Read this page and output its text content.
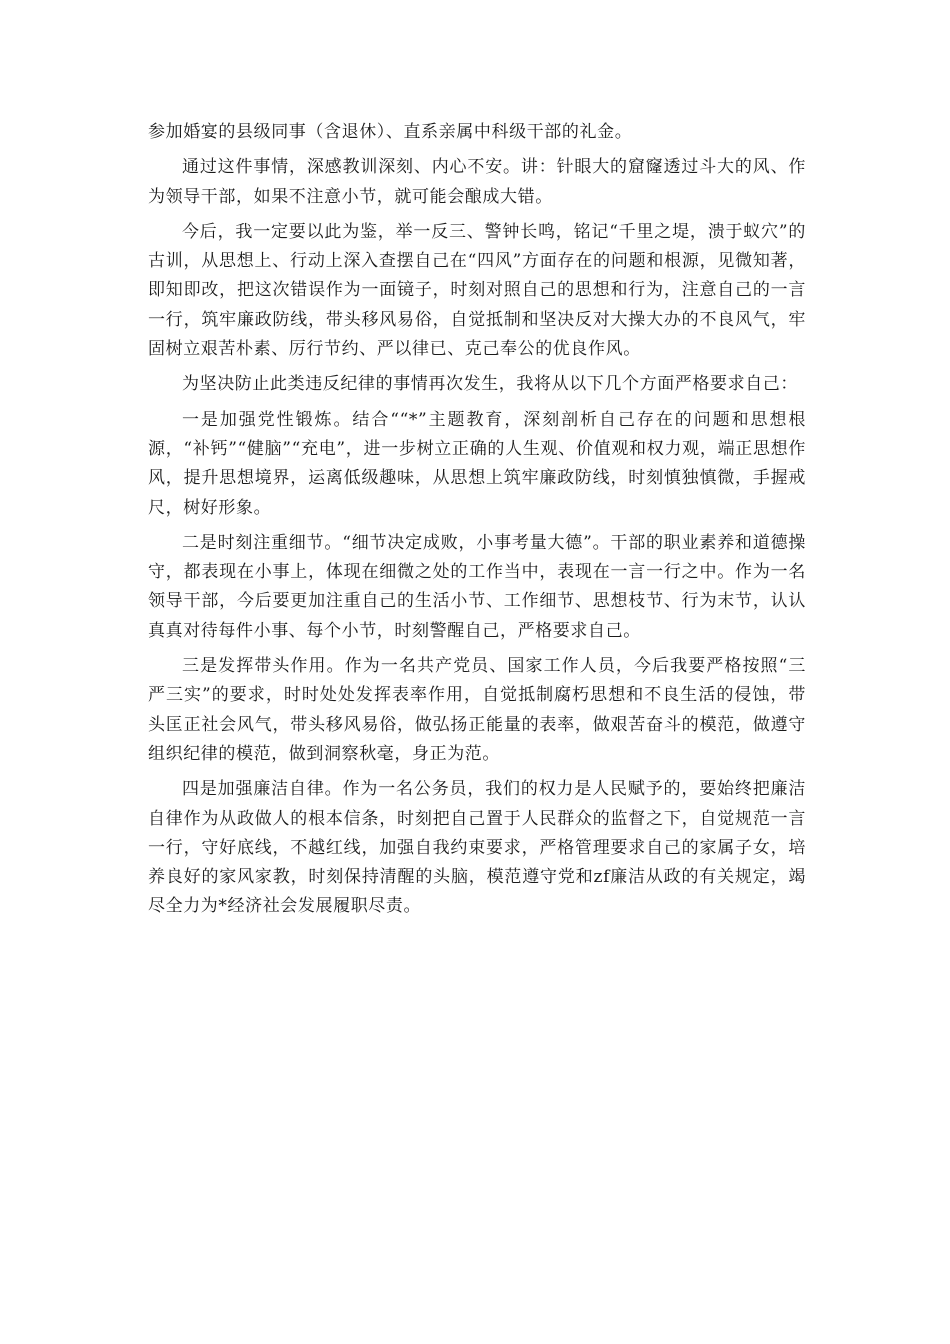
参加婚宴的县级同事（含退休）、直系亲属中科级干部的礼金。

通过这件事情，深感教训深刻、内心不安。讲：针眼大的窟窿透过斗大的风、作为领导干部，如果不注意小节，就可能会酿成大错。

今后，我一定要以此为鉴，举一反三、警钟长鸣，铭记“千里之堤，溃于蚁穴”的古训，从思想上、行动上深入查摆自己在“四风”方面存在的问题和根源，见微知著，即知即改，把这次错误作为一面镜子，时刻对照自己的思想和行为，注意自己的一言一行，筑牢廉政防线，带头移风易俗，自觉抵制和坚决反对大操大办的不良风气，牢固树立艰苦朴素、厉行节约、严以律已、克己奉公的优良作风。

为坚决防止此类违反纪律的事情再次发生，我将从以下几个方面严格要求自己：

一是加强党性锻炼。结合““*”主题教育，深刻剖析自己存在的问题和思想根源，“补钙”“健脑”“充电”，进一步树立正确的人生观、价值观和权力观，端正思想作风，提升思想境界，运离低级趣味，从思想上筑牢廉政防线，时刻慎独慎微，手握戒尺，树好形象。

二是时刻注重细节。“细节决定成败，小事考量大德”。干部的职业素养和道德操守，都表现在小事上，体现在细微之处的工作当中，表现在一言一行之中。作为一名领导干部，今后要更加注重自己的生活小节、工作细节、思想枝节、行为末节，认认真真对待每件小事、每个小节，时刻警醒自己，严格要求自己。

三是发挥带头作用。作为一名共产党员、国家工作人员，今后我要严格按照“三严三实”的要求，时时处处发挥表率作用，自觉抵制腐朽思想和不良生活的侵蚀，带头匡正社会风气，带头移风易俗，做弘扬正能量的表率，做艰苦奋斗的模范，做遵守组织纪律的模范，做到洞察秋毫，身正为范。

四是加强廉洁自律。作为一名公务员，我们的权力是人民赋予的，要始终把廉洁自律作为从政做人的根本信条，时刻把自己置于人民群众的监督之下，自觉规范一言一行，守好底线，不越红线，加强自我约束要求，严格管理要求自己的家属子女，培养良好的家风家教，时刻保持清醒的头脑，模范遵守党和zf廉洁从政的有关规定，竭尽全力为*经济社会发展履职尽责。
